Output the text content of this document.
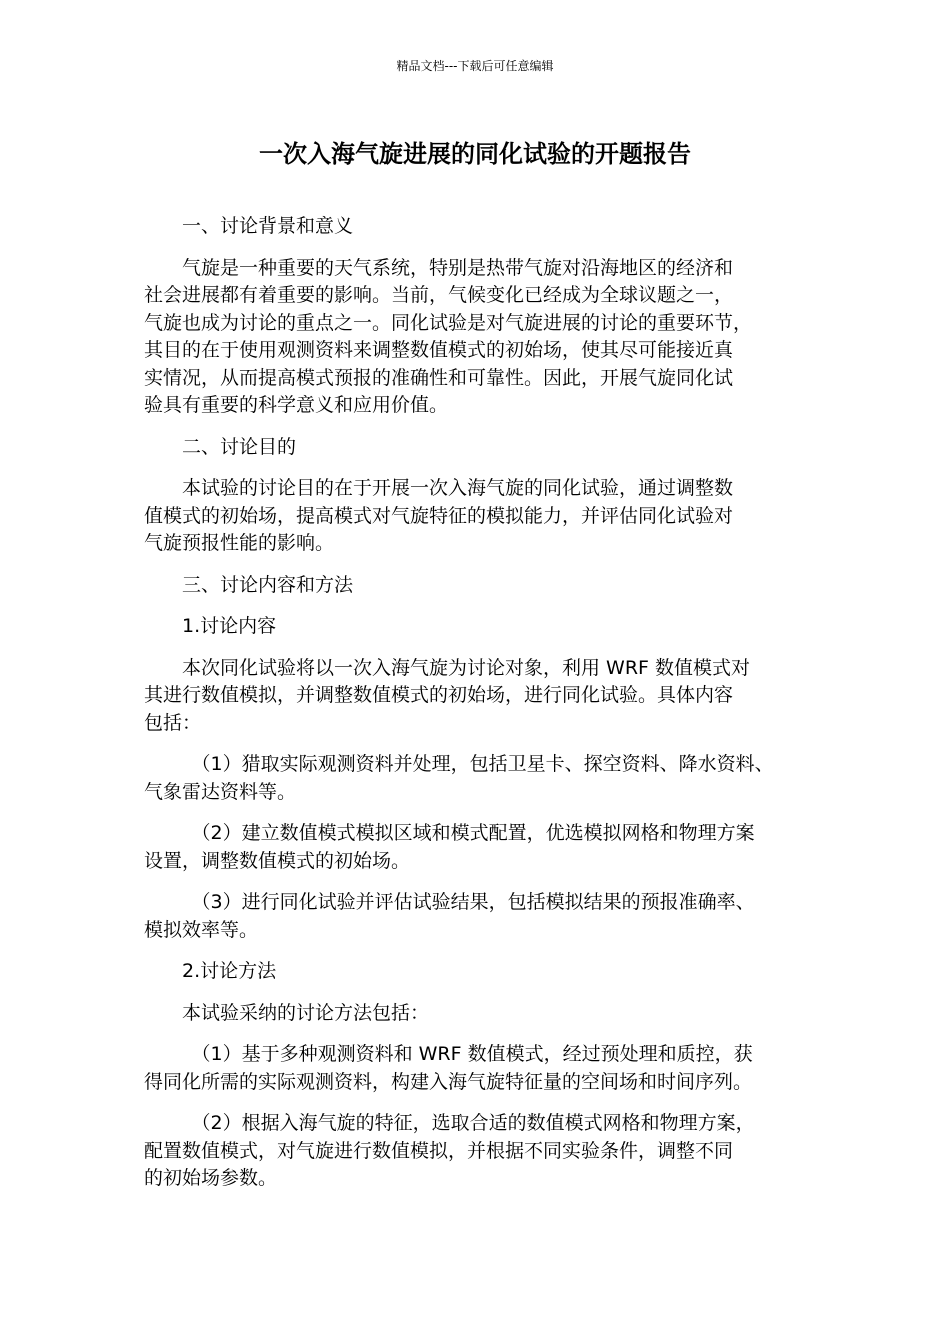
精品文档---下载后可任意编辑
一次入海气旋进展的同化试验的开题报告
一、讨论背景和意义
气旋是一种重要的天气系统，特别是热带气旋对沿海地区的经济和
社会进展都有着重要的影响。当前，气候变化已经成为全球议题之一，
气旋也成为讨论的重点之一。同化试验是对气旋进展的讨论的重要环节，
其目的在于使用观测资料来调整数值模式的初始场，使其尽可能接近真
实情况，从而提高模式预报的准确性和可靠性。因此，开展气旋同化试
验具有重要的科学意义和应用价值。
二、讨论目的
本试验的讨论目的在于开展一次入海气旋的同化试验，通过调整数
值模式的初始场，提高模式对气旋特征的模拟能力，并评估同化试验对
气旋预报性能的影响。
三、讨论内容和方法
1.讨论内容
本次同化试验将以一次入海气旋为讨论对象，利用 WRF 数值模式对
其进行数值模拟，并调整数值模式的初始场，进行同化试验。具体内容
包括：
（1）猎取实际观测资料并处理，包括卫星卡、探空资料、降水资料、
气象雷达资料等。
（2）建立数值模式模拟区域和模式配置，优选模拟网格和物理方案
设置，调整数值模式的初始场。
（3）进行同化试验并评估试验结果，包括模拟结果的预报准确率、
模拟效率等。
2.讨论方法
本试验采纳的讨论方法包括：
（1）基于多种观测资料和 WRF 数值模式，经过预处理和质控，获
得同化所需的实际观测资料，构建入海气旋特征量的空间场和时间序列。
（2）根据入海气旋的特征，选取合适的数值模式网格和物理方案，
配置数值模式，对气旋进行数值模拟，并根据不同实验条件，调整不同
的初始场参数。
